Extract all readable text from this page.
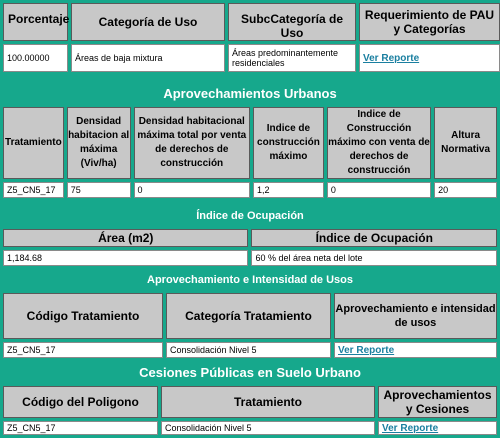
Porcentaje	Categoría de Uso	SubcCategoría de Uso	Requerimiento de PAU y Categorías
100.00000	Áreas de baja mixtura	Áreas predominantemente residenciales	Ver Reporte
Aprovechamientos Urbanos
Tratamiento	Densidad habitacion al máxima (Viv/ha)	Densidad habitacional máxima total por venta de derechos de construcción	Indice de construcción máximo	Indice de Construcción máximo con venta de derechos de construcción	Altura Normativa
Z5_CN5_17	75	0	1,2	0	20
Índice de Ocupación
Área (m2)	Índice de Ocupación
1,184.68	60 % del área neta del lote
Aprovechamiento e Intensidad de Usos
Código Tratamiento	Categoría Tratamiento	Aprovechamiento e intensidad de usos
Z5_CN5_17	Consolidación Nivel 5	Ver Reporte
Cesiones Públicas en Suelo Urbano
Código del Poligono	Tratamiento	Aprovechamientos y Cesiones
Z5_CN5_17	Consolidación Nivel 5	Ver Reporte
